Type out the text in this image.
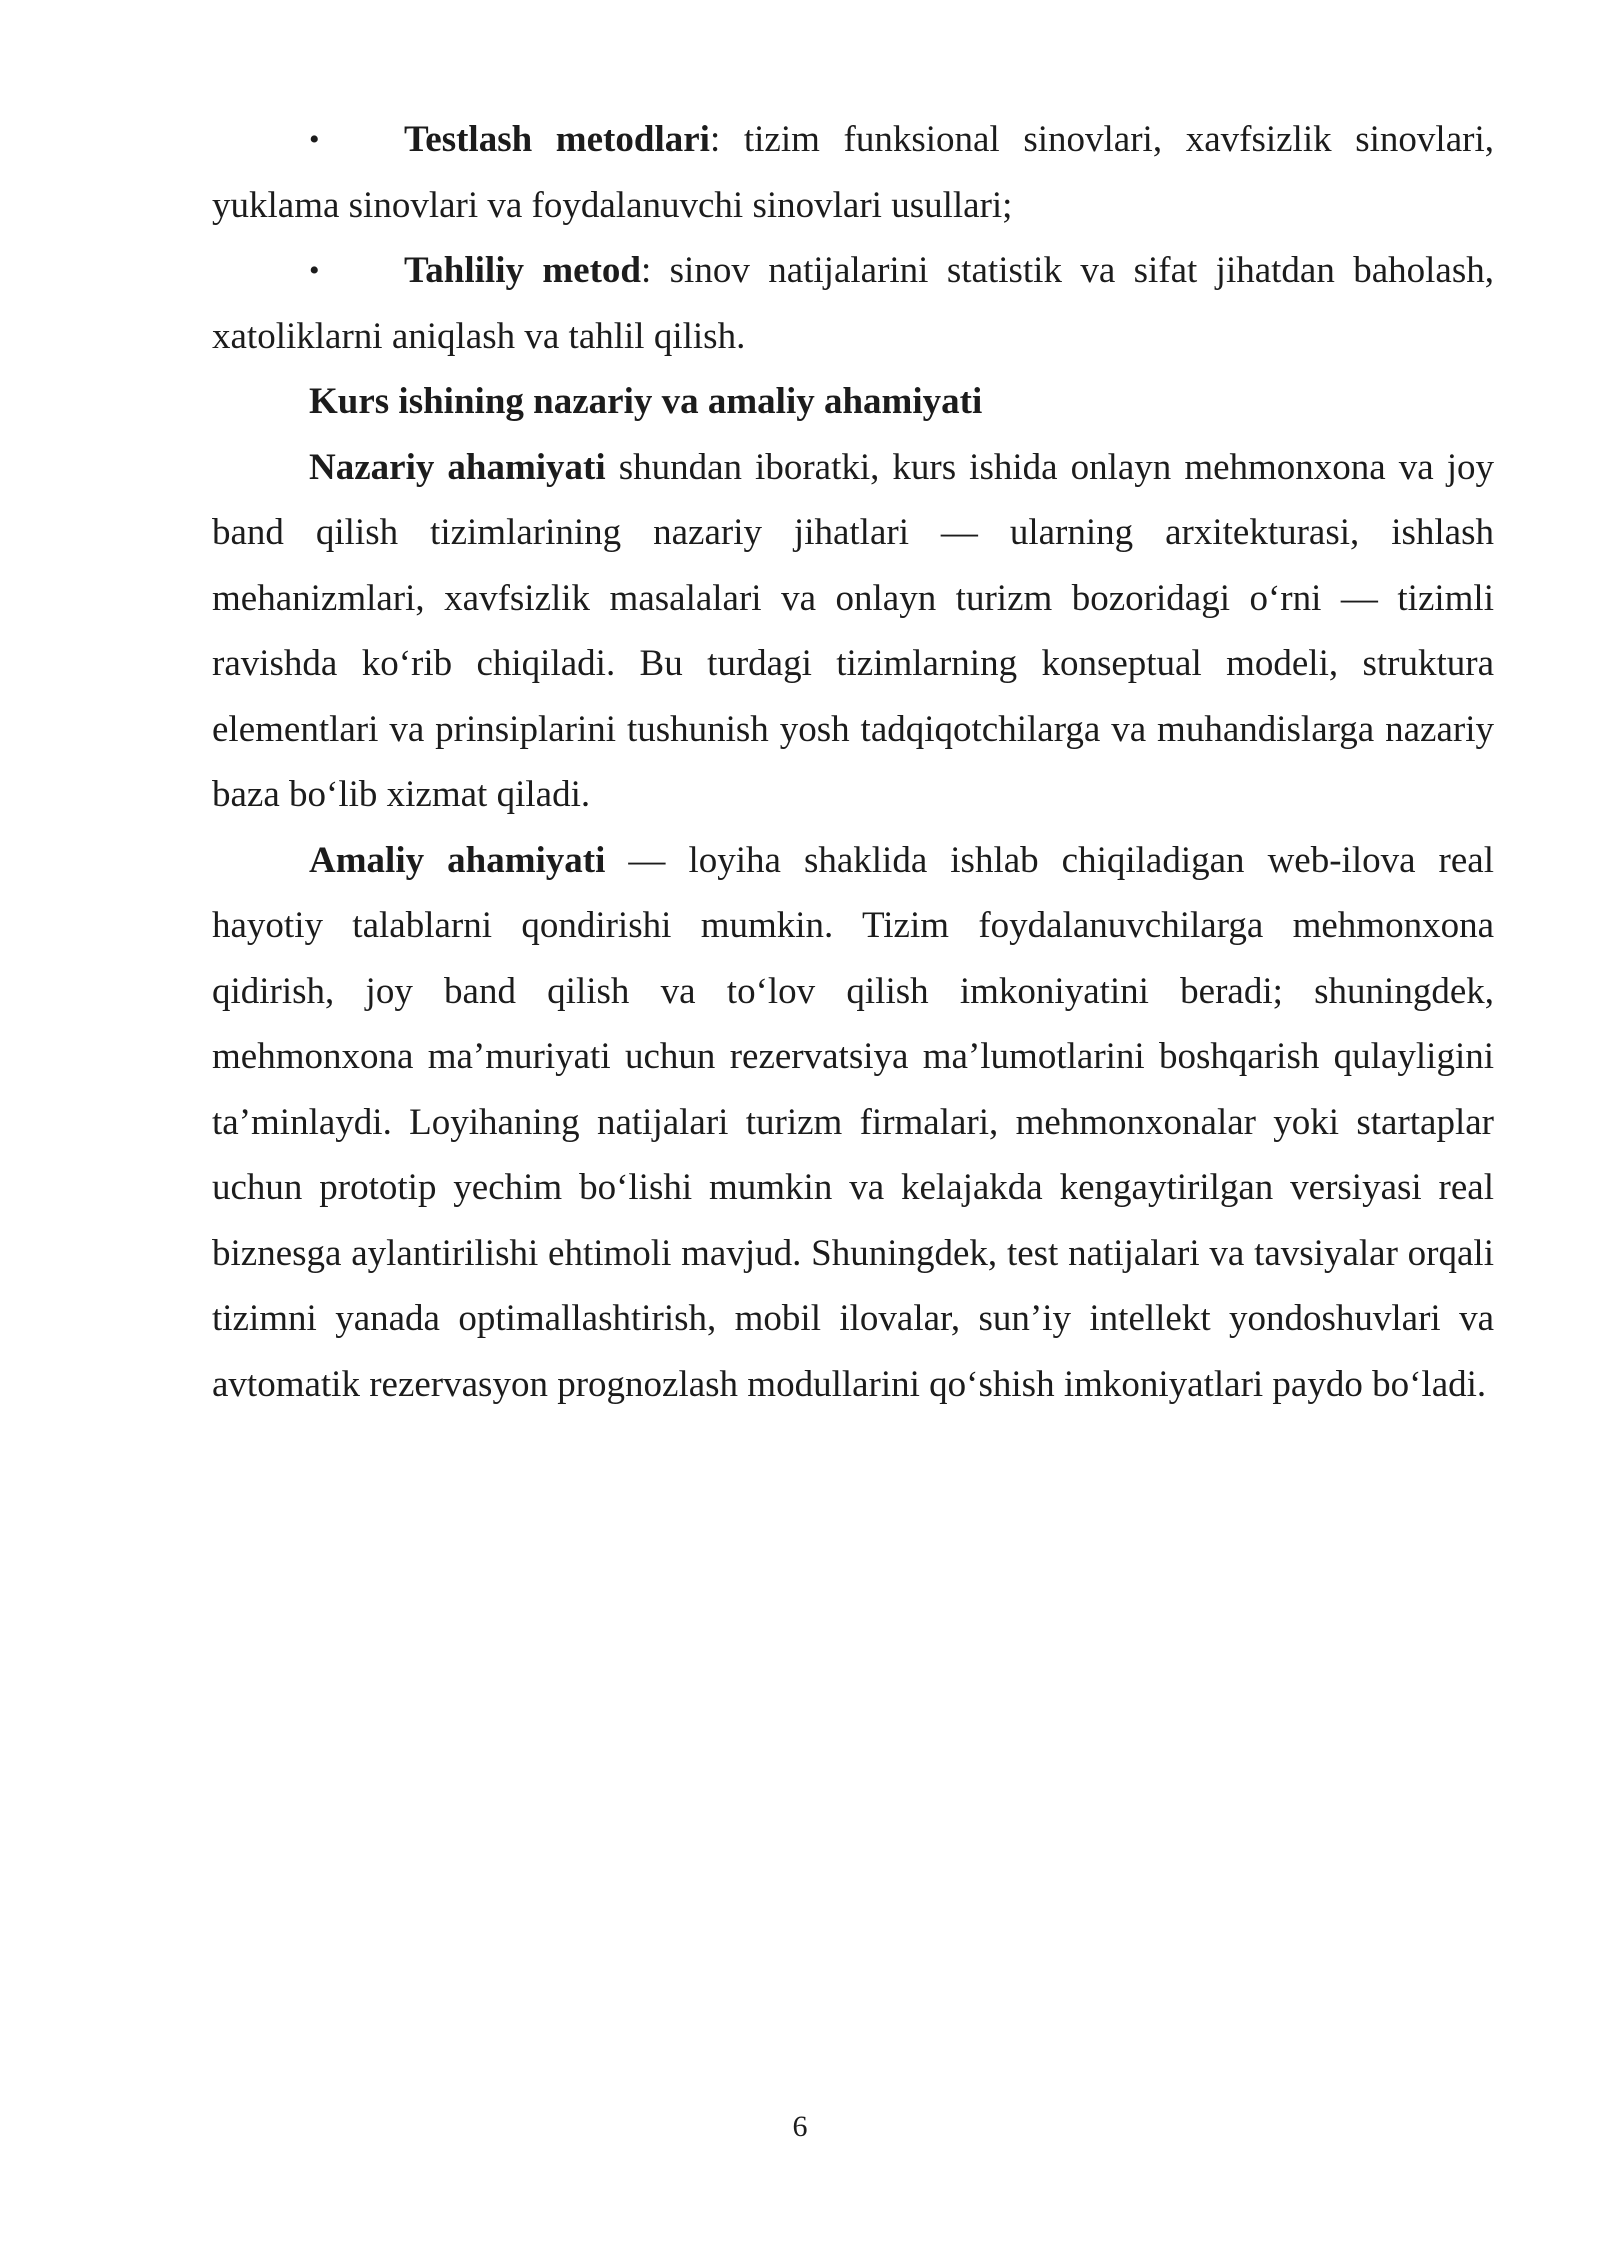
• Testlash metodlari: tizim funksional sinovlari, xavfsizlik sinovlari, yuklama sinovlari va foydalanuvchi sinovlari usullari;

• Tahliliy metod: sinov natijalarini statistik va sifat jihatdan baholash, xatoliklarni aniqlash va tahlil qilish.

Kurs ishining nazariy va amaliy ahamiyati

Nazariy ahamiyati shundan iboratki, kurs ishida onlayn mehmonxona va joy band qilish tizimlarining nazariy jihatlari — ularning arxitekturasi, ishlash mehanizmlari, xavfsizlik masalalari va onlayn turizm bozoridagi o‘rni — tizimli ravishda ko‘rib chiqiladi. Bu turdagi tizimlarning konseptual modeli, struktura elementlari va prinsiplarini tushunish yosh tadqiqotchilarga va muhandislarga nazariy baza bo‘lib xizmat qiladi.

Amaliy ahamiyati — loyiha shaklida ishlab chiqiladigan web-ilova real hayotiy talablarni qondirishi mumkin. Tizim foydalanuvchilarga mehmonxona qidirish, joy band qilish va to‘lov qilish imkoniyatini beradi; shuningdek, mehmonxona ma’muriyati uchun rezervatsiya ma’lumotlarini boshqarish qulayligini ta’minlaydi. Loyihaning natijalari turizm firmalari, mehmonxonalar yoki startaplar uchun prototip yechim bo‘lishi mumkin va kelajakda kengaytirilgan versiyasi real biznesga aylantirilishi ehtimoli mavjud. Shuningdek, test natijalari va tavsiyalar orqali tizimni yanada optimallashtirish, mobil ilovalar, sun’iy intellekt yondoshuvlari va avtomatik rezervasyon prognozlash modullarini qo‘shish imkoniyatlari paydo bo‘ladi.

6
